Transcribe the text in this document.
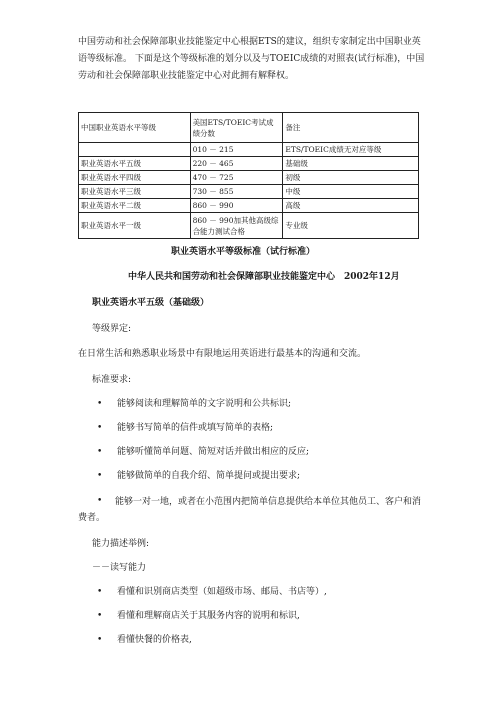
中国劳动和社会保障部职业技能鉴定中心根据ETS的建议，组织专家制定出中国职业英语等级标准。 下面是这个等级标准的划分以及与TOEIC成绩的对照表(试行标准)，中国劳动和社会保障部职业技能鉴定中心对此拥有解释权。

中国职业英语水平等级	美国ETS/TOEIC考试成绩分数	备注
	010 － 215	ETS/TOEIC成绩无对应等级
职业英语水平五级	220 － 465	基础级
职业英语水平四级	470 － 725	初级
职业英语水平三级	730 － 855	中级
职业英语水平二级	860 － 990	高级
职业英语水平一级	860 － 990加其他高级综合能力测试合格	专业级

职业英语水平等级标准（试行标准）

中华人民共和国劳动和社会保障部职业技能鉴定中心　2002年12月

职业英语水平五级（基础级）

等级界定:

在日常生活和熟悉职业场景中有限地运用英语进行最基本的沟通和交流。

标准要求:

• 能够阅读和理解简单的文字说明和公共标识;

• 能够书写简单的信件或填写简单的表格;

• 能够听懂简单问题、简短对话并做出相应的反应;

• 能够做简单的自我介绍、简单提问或提出要求;

•	能够一对一地，或者在小范围内把简单信息提供给本单位其他员工、客户和消费者。

能力描述举例:

－－读写能力

• 看懂和识别商店类型（如超级市场、邮局、书店等）,

• 看懂和理解商店关于其服务内容的说明和标识,

• 看懂快餐的价格表,
